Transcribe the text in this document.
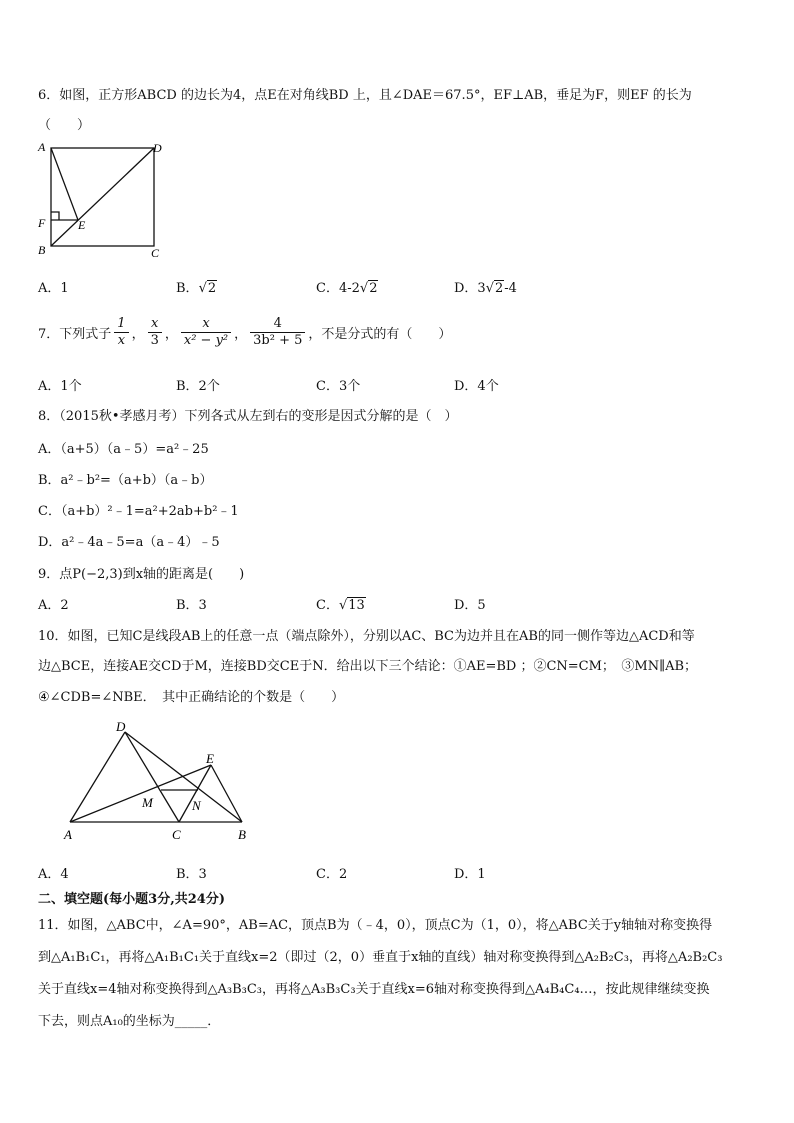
6．如图，正方形ABCD 的边长为4，点E在对角线BD 上，且∠DAE＝67.5°，EF⊥AB，垂足为F，则EF 的长为
（　　）
A	D
F	E
B	C
A．1	B．√2	C．4-2√2	D．3√2-4
7．下列式子 $\frac{1}{x}$ ， $\frac{x}{3}$ ， $\frac{x}{\text{x² − y²}}$ ， $\frac{4}{\text{3b² + 5}}$ ，不是分式的有（　　）
A．1个	B．2个	C．3个	D．4个
8．（2015秋•孝感月考）下列各式从左到右的变形是因式分解的是（　）
A．（a+5）（a﹣5）=a²﹣25
B．a²﹣b²=（a+b）（a﹣b）
C．（a+b）²﹣1=a²+2ab+b²﹣1
D．a²﹣4a﹣5=a（a﹣4）﹣5
9．点P(−2,3)到x轴的距离是(　　)
A．2	B．3	C．√13	D．5
10．如图，已知C是线段AB上的任意一点（端点除外），分别以AC、BC为边并且在AB的同一侧作等边△ACD和等
边△BCE，连接AE交CD于M，连接BD交CE于N．给出以下三个结论：①AE=BD ；②CN=CM；　③MN∥AB；
④∠CDB=∠NBE．　其中正确结论的个数是（　　）
D
E
M	N
A	C	B
A．4	B．3	C．2	D．1
二、填空题(每小题3分,共24分)
11．如图，△ABC中，∠A=90°，AB=AC，顶点B为（﹣4，0），顶点C为（1，0），将△ABC关于y轴轴对称变换得
到△A₁B₁C₁，再将△A₁B₁C₁关于直线x=2（即过（2，0）垂直于x轴的直线）轴对称变换得到△A₂B₂C₃，再将△A₂B₂C₃
关于直线x=4轴对称变换得到△A₃B₃C₃，再将△A₃B₃C₃关于直线x=6轴对称变换得到△A₄B₄C₄…，按此规律继续变换
下去，则点A₁₀的坐标为_____．
